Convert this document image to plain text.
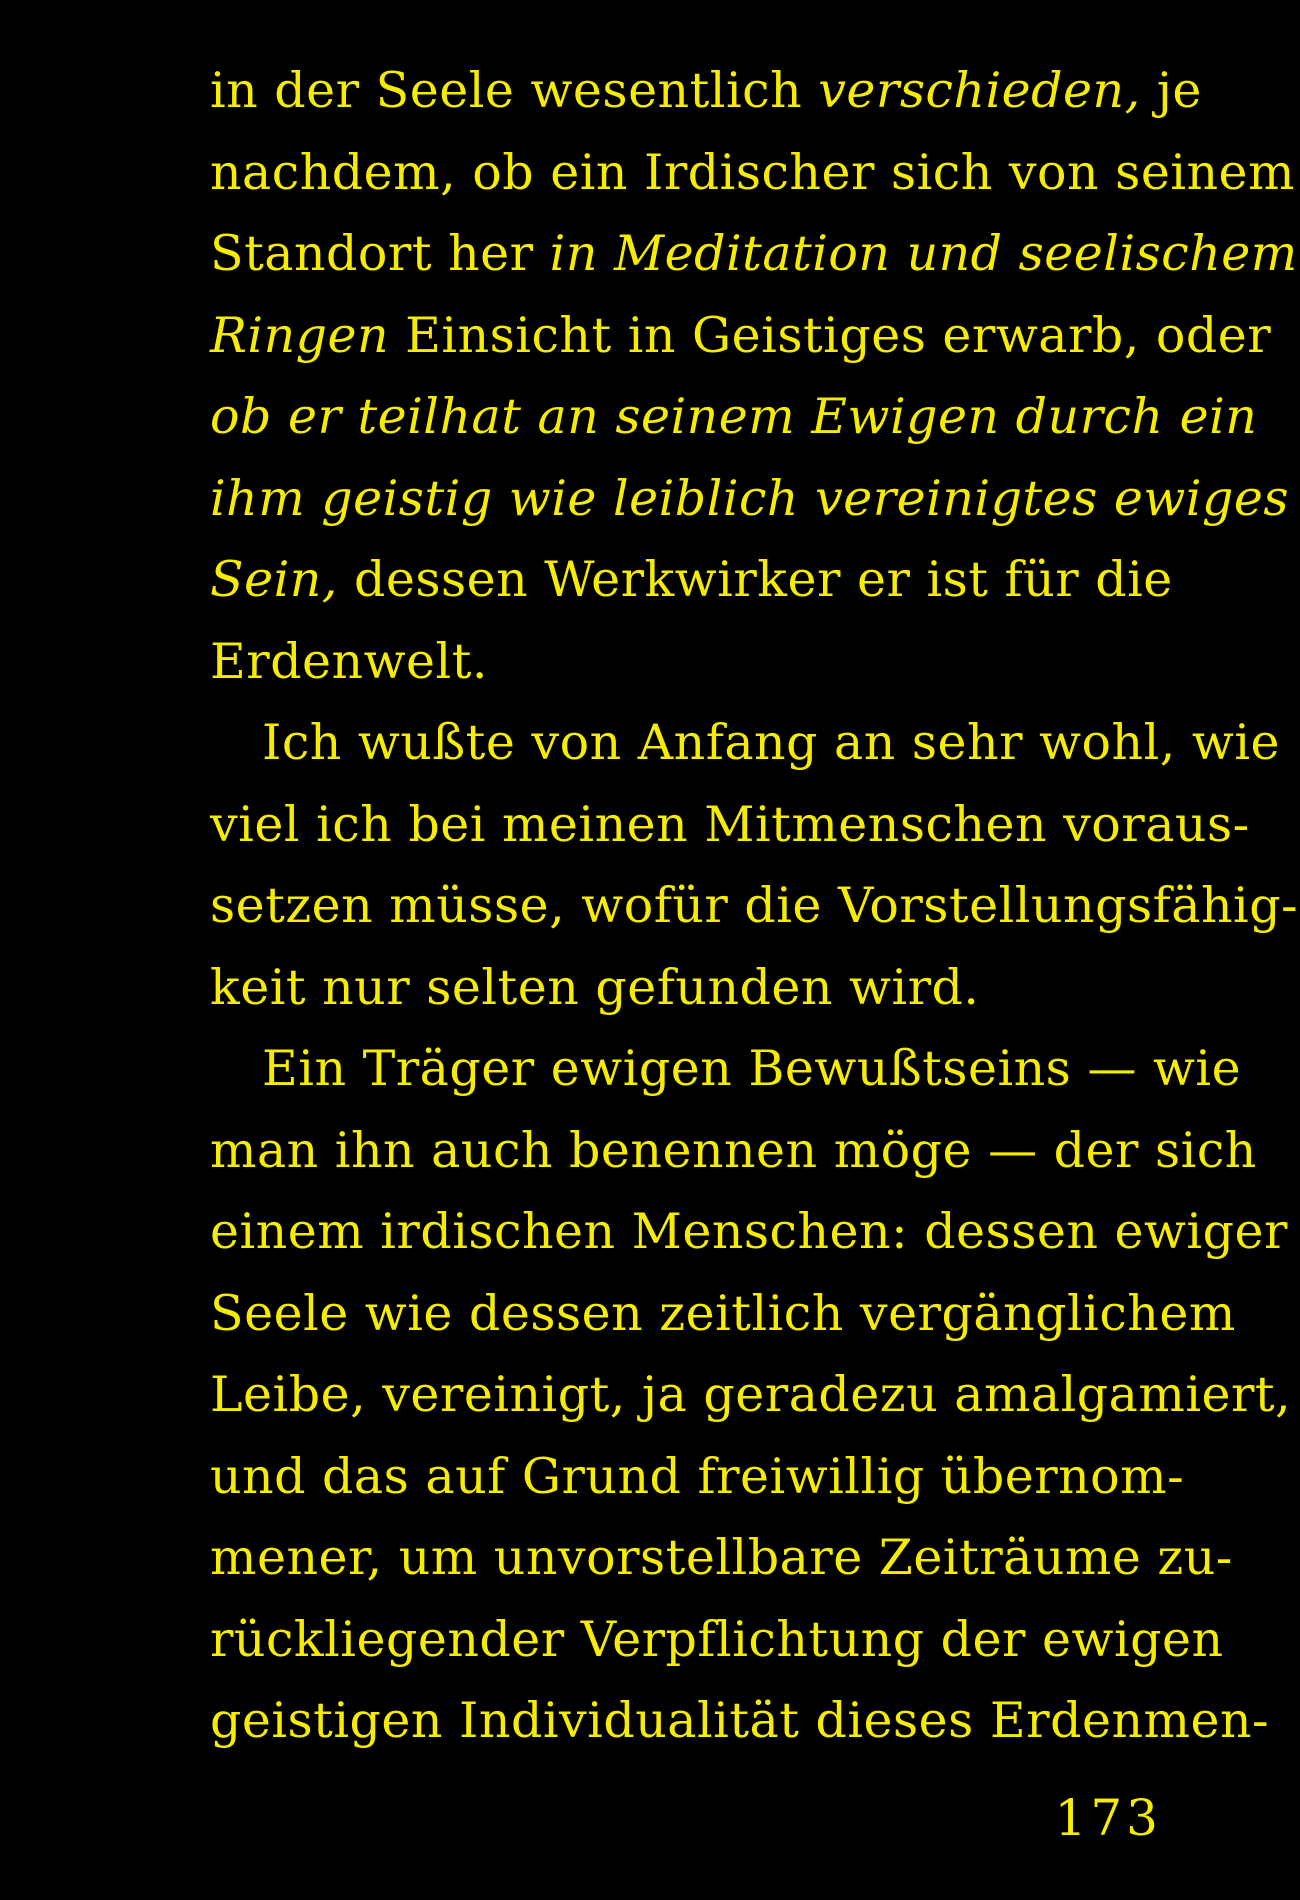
in der Seele wesentlich verschieden, je
nachdem, ob ein Irdischer sich von seinem
Standort her in Meditation und seelischem
Ringen Einsicht in Geistiges erwarb, oder
ob er teilhat an seinem Ewigen durch ein
ihm geistig wie leiblich vereinigtes ewiges
Sein, dessen Werkwirker er ist für die
Erdenwelt.
Ich wußte von Anfang an sehr wohl, wie
viel ich bei meinen Mitmenschen voraus-
setzen müsse, wofür die Vorstellungsfähig-
keit nur selten gefunden wird.
Ein Träger ewigen Bewußtseins — wie
man ihn auch benennen möge — der sich
einem irdischen Menschen: dessen ewiger
Seele wie dessen zeitlich vergänglichem
Leibe, vereinigt, ja geradezu amalgamiert,
und das auf Grund freiwillig übernom-
mener, um unvorstellbare Zeiträume zu-
rückliegender Verpflichtung der ewigen
geistigen Individualität dieses Erdenmen-
173
